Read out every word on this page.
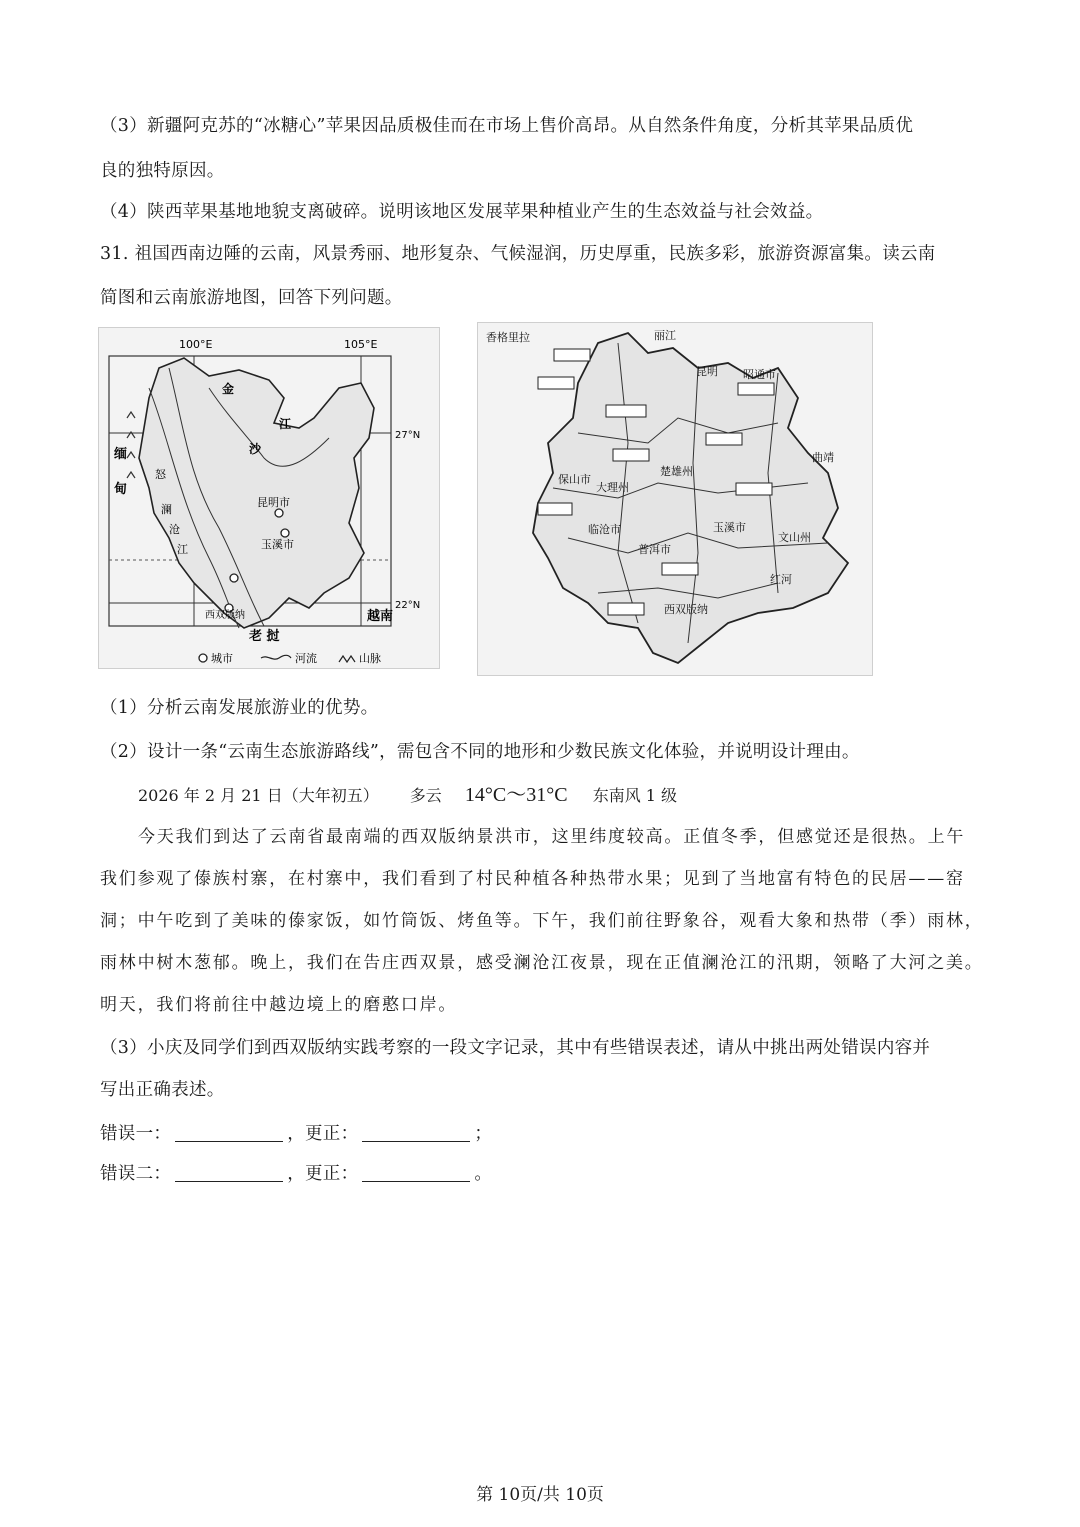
（3）新疆阿克苏的“冰糖心”苹果因品质极佳而在市场上售价高昂。从自然条件角度，分析其苹果品质优
良的独特原因。
（4）陕西苹果基地地貌支离破碎。说明该地区发展苹果种植业产生的生态效益与社会效益。
31. 祖国西南边陲的云南，风景秀丽、地形复杂、气候湿润，历史厚重，民族多彩，旅游资源富集。读云南
简图和云南旅游地图，回答下列问题。
100°E	105°E
27°N
22°N
金
江
沙
昆明市
玉溪市
西双版纳
老 挝
越南
缅
甸
怒
澜
沧
江
城市	河流	山脉
丽江
香格里拉
昆明 昭通市
曲靖
文山州
红河
大理州
楚雄州
玉溪市
普洱市
临沧市
保山市
西双版纳
（1）分析云南发展旅游业的优势。
（2）设计一条“云南生态旅游路线”，需包含不同的地形和少数民族文化体验，并说明设计理由。
2026 年 2 月 21 日（大年初五） 多云 14°C～31°C 东南风 1 级
今天我们到达了云南省最南端的西双版纳景洪市，这里纬度较高。正值冬季，但感觉还是很热。上午
我们参观了傣族村寨，在村寨中，我们看到了村民种植各种热带水果；见到了当地富有特色的民居——窑
洞；中午吃到了美味的傣家饭，如竹筒饭、烤鱼等。下午，我们前往野象谷，观看大象和热带（季）雨林，
雨林中树木葱郁。晚上，我们在告庄西双景，感受澜沧江夜景，现在正值澜沧江的汛期，领略了大河之美。
明天，我们将前往中越边境上的磨憨口岸。
（3）小庆及同学们到西双版纳实践考察的一段文字记录，其中有些错误表述，请从中挑出两处错误内容并
写出正确表述。
错误一：	，更正：	；
错误二：	，更正：	。
第 10页/共 10页
